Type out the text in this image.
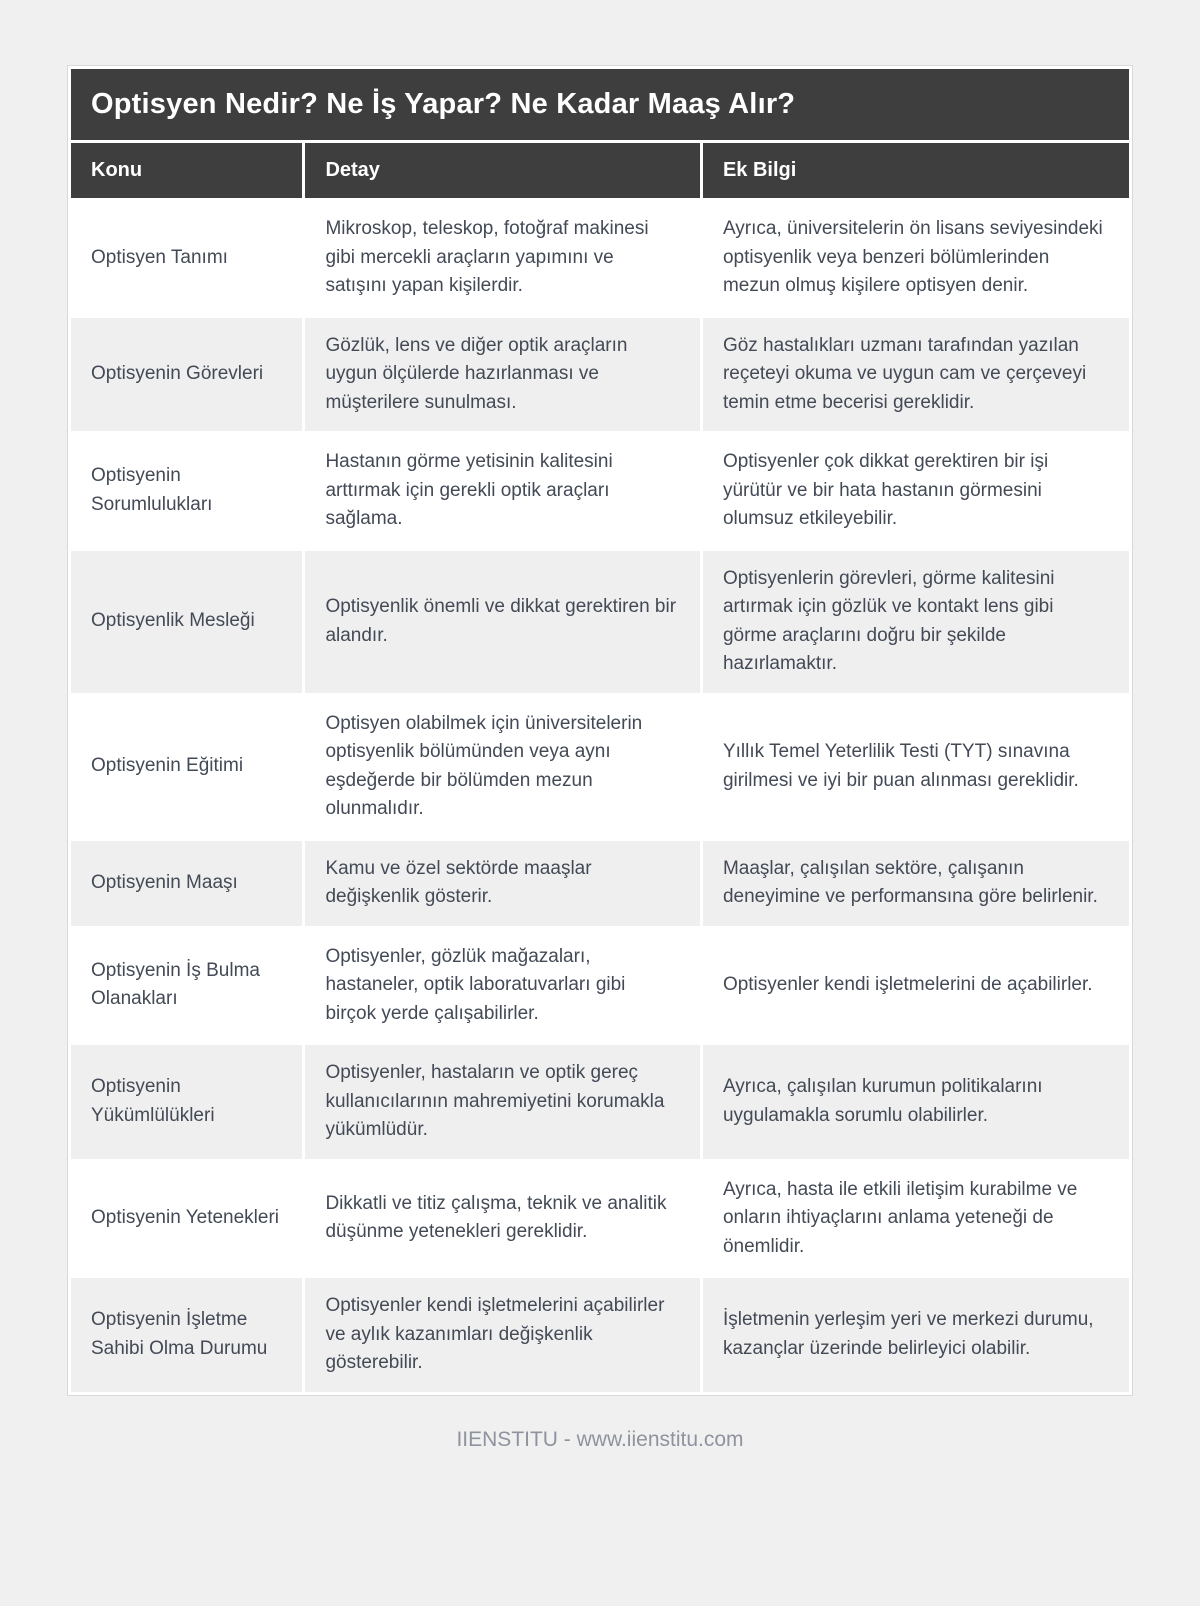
Optisyen Nedir? Ne İş Yapar? Ne Kadar Maaş Alır?
Konu	Detay	Ek Bilgi
Optisyen Tanımı	Mikroskop, teleskop, fotoğraf makinesi gibi mercekli araçların yapımını ve satışını yapan kişilerdir.	Ayrıca, üniversitelerin ön lisans seviyesindeki optisyenlik veya benzeri bölümlerinden mezun olmuş kişilere optisyen denir.
Optisyenin Görevleri	Gözlük, lens ve diğer optik araçların uygun ölçülerde hazırlanması ve müşterilere sunulması.	Göz hastalıkları uzmanı tarafından yazılan reçeteyi okuma ve uygun cam ve çerçeveyi temin etme becerisi gereklidir.
Optisyenin Sorumlulukları	Hastanın görme yetisinin kalitesini arttırmak için gerekli optik araçları sağlama.	Optisyenler çok dikkat gerektiren bir işi yürütür ve bir hata hastanın görmesini olumsuz etkileyebilir.
Optisyenlik Mesleği	Optisyenlik önemli ve dikkat gerektiren bir alandır.	Optisyenlerin görevleri, görme kalitesini artırmak için gözlük ve kontakt lens gibi görme araçlarını doğru bir şekilde hazırlamaktır.
Optisyenin Eğitimi	Optisyen olabilmek için üniversitelerin optisyenlik bölümünden veya aynı eşdeğerde bir bölümden mezun olunmalıdır.	Yıllık Temel Yeterlilik Testi (TYT) sınavına girilmesi ve iyi bir puan alınması gereklidir.
Optisyenin Maaşı	Kamu ve özel sektörde maaşlar değişkenlik gösterir.	Maaşlar, çalışılan sektöre, çalışanın deneyimine ve performansına göre belirlenir.
Optisyenin İş Bulma Olanakları	Optisyenler, gözlük mağazaları, hastaneler, optik laboratuvarları gibi birçok yerde çalışabilirler.	Optisyenler kendi işletmelerini de açabilirler.
Optisyenin Yükümlülükleri	Optisyenler, hastaların ve optik gereç kullanıcılarının mahremiyetini korumakla yükümlüdür.	Ayrıca, çalışılan kurumun politikalarını uygulamakla sorumlu olabilirler.
Optisyenin Yetenekleri	Dikkatli ve titiz çalışma, teknik ve analitik düşünme yetenekleri gereklidir.	Ayrıca, hasta ile etkili iletişim kurabilme ve onların ihtiyaçlarını anlama yeteneği de önemlidir.
Optisyenin İşletme Sahibi Olma Durumu	Optisyenler kendi işletmelerini açabilirler ve aylık kazanımları değişkenlik gösterebilir.	İşletmenin yerleşim yeri ve merkezi durumu, kazançlar üzerinde belirleyici olabilir.
IIENSTITU - www.iienstitu.com
